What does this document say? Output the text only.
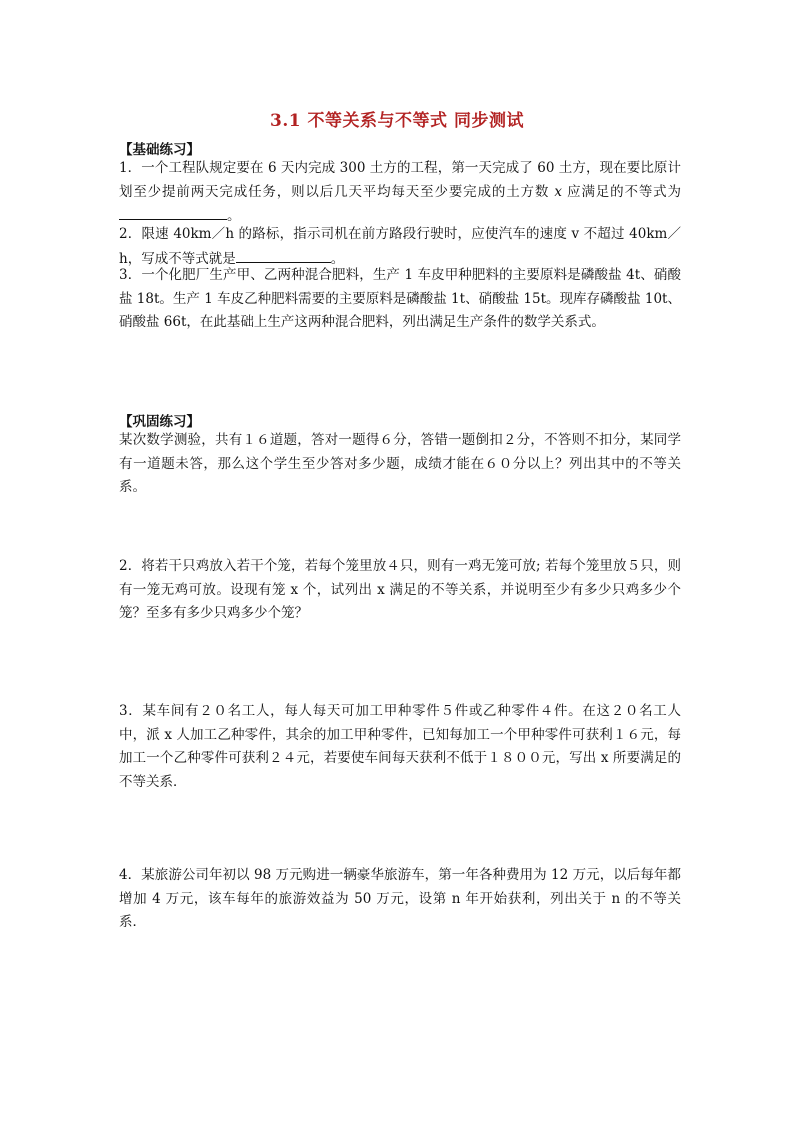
3.1 不等关系与不等式 同步测试
【基础练习】
1．一个工程队规定要在 6 天内完成 300 土方的工程，第一天完成了 60 土方，现在要比原计划至少提前两天完成任务，则以后几天平均每天至少要完成的土方数 x 应满足的不等式为。
2．限速 40km／h 的路标，指示司机在前方路段行驶时，应使汽车的速度 v 不超过 40km／h，写成不等式就是	。
3．一个化肥厂生产甲、乙两种混合肥料，生产 1 车皮甲种肥料的主要原料是磷酸盐 4t、硝酸盐 18t。生产 1 车皮乙种肥料需要的主要原料是磷酸盐 1t、硝酸盐 15t。现库存磷酸盐 10t、硝酸盐 66t，在此基础上生产这两种混合肥料，列出满足生产条件的数学关系式。
【巩固练习】
某次数学测验，共有１６道题，答对一题得６分，答错一题倒扣２分，不答则不扣分，某同学有一道题未答，那么这个学生至少答对多少题，成绩才能在６０分以上？列出其中的不等关系。
2．将若干只鸡放入若干个笼，若每个笼里放４只，则有一鸡无笼可放; 若每个笼里放５只，则有一笼无鸡可放。设现有笼 x 个，试列出 x 满足的不等关系，并说明至少有多少只鸡多少个笼？至多有多少只鸡多少个笼？
3．某车间有２０名工人，每人每天可加工甲种零件５件或乙种零件４件。在这２０名工人中，派 x 人加工乙种零件，其余的加工甲种零件，已知每加工一个甲种零件可获利１６元，每加工一个乙种零件可获利２４元，若要使车间每天获利不低于１８００元，写出 x 所要满足的不等关系．
4．某旅游公司年初以 98 万元购进一辆豪华旅游车，第一年各种费用为 12 万元，以后每年都增加 4 万元，该车每年的旅游效益为 50 万元，设第 n 年开始获利，列出关于 n 的不等关系．
